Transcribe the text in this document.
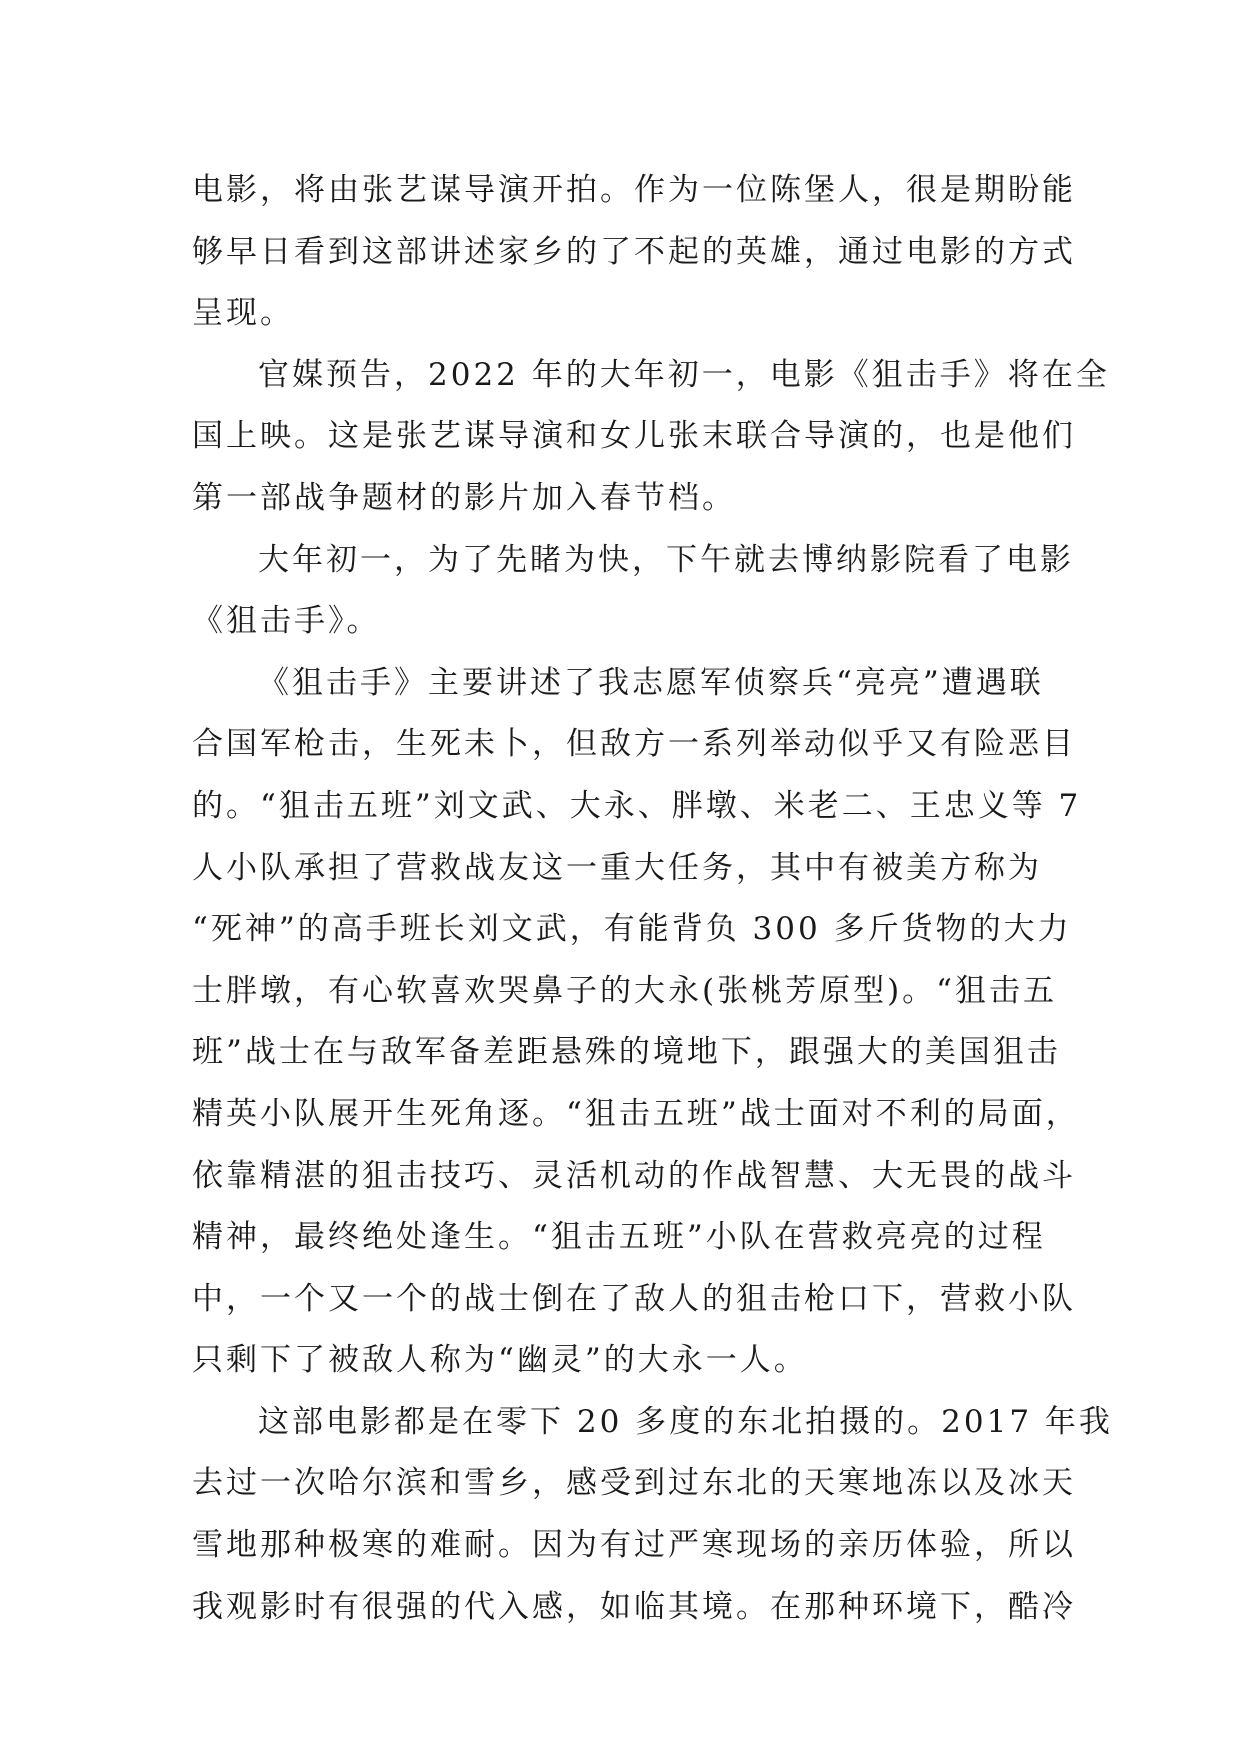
电影，将由张艺谋导演开拍。作为一位陈堡人，很是期盼能
够早日看到这部讲述家乡的了不起的英雄，通过电影的方式
呈现。
官媒预告，2022 年的大年初一，电影《狙击手》将在全
国上映。这是张艺谋导演和女儿张末联合导演的，也是他们
第一部战争题材的影片加入春节档。
大年初一，为了先睹为快，下午就去博纳影院看了电影
《狙击手》。
《狙击手》主要讲述了我志愿军侦察兵“亮亮”遭遇联
合国军枪击，生死未卜，但敌方一系列举动似乎又有险恶目
的。“狙击五班”刘文武、大永、胖墩、米老二、王忠义等 7
人小队承担了营救战友这一重大任务，其中有被美方称为
“死神”的高手班长刘文武，有能背负 300 多斤货物的大力
士胖墩，有心软喜欢哭鼻子的大永(张桃芳原型)。“狙击五
班”战士在与敌军备差距悬殊的境地下，跟强大的美国狙击
精英小队展开生死角逐。“狙击五班”战士面对不利的局面，
依靠精湛的狙击技巧、灵活机动的作战智慧、大无畏的战斗
精神，最终绝处逢生。“狙击五班”小队在营救亮亮的过程
中，一个又一个的战士倒在了敌人的狙击枪口下，营救小队
只剩下了被敌人称为“幽灵”的大永一人。
这部电影都是在零下 20 多度的东北拍摄的。2017 年我
去过一次哈尔滨和雪乡，感受到过东北的天寒地冻以及冰天
雪地那种极寒的难耐。因为有过严寒现场的亲历体验，所以
我观影时有很强的代入感，如临其境。在那种环境下，酷冷
